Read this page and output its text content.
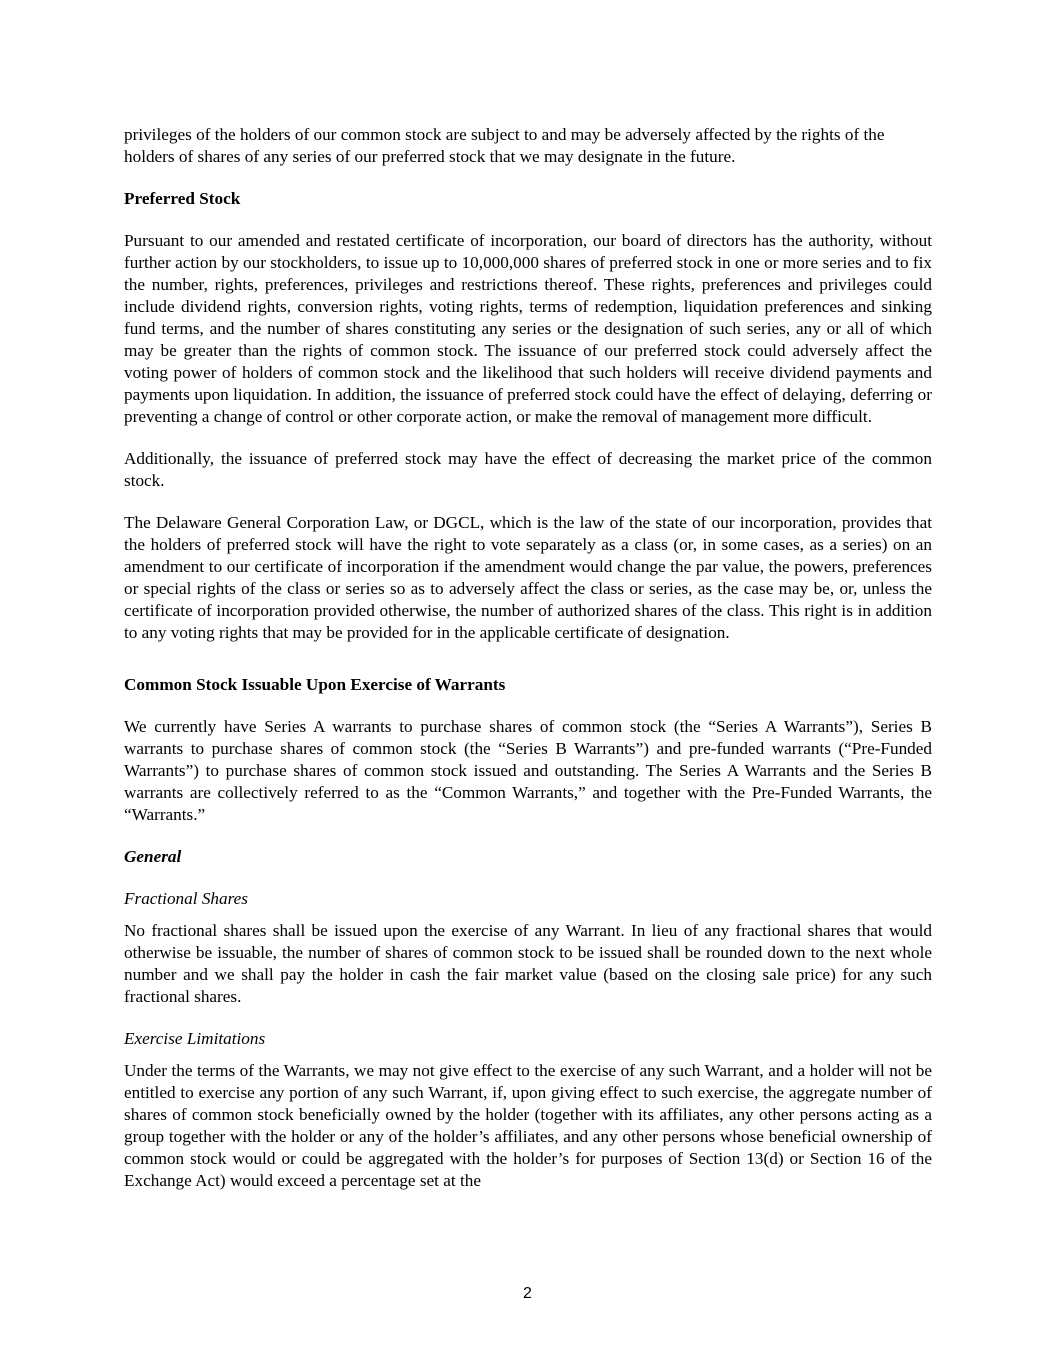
privileges of the holders of our common stock are subject to and may be adversely affected by the rights of the holders of shares of any series of our preferred stock that we may designate in the future.

Preferred Stock

Pursuant to our amended and restated certificate of incorporation, our board of directors has the authority, without further action by our stockholders, to issue up to 10,000,000 shares of preferred stock in one or more series and to fix the number, rights, preferences, privileges and restrictions thereof. These rights, preferences and privileges could include dividend rights, conversion rights, voting rights, terms of redemption, liquidation preferences and sinking fund terms, and the number of shares constituting any series or the designation of such series, any or all of which may be greater than the rights of common stock. The issuance of our preferred stock could adversely affect the voting power of holders of common stock and the likelihood that such holders will receive dividend payments and payments upon liquidation. In addition, the issuance of preferred stock could have the effect of delaying, deferring or preventing a change of control or other corporate action, or make the removal of management more difficult.

Additionally, the issuance of preferred stock may have the effect of decreasing the market price of the common stock.

The Delaware General Corporation Law, or DGCL, which is the law of the state of our incorporation, provides that the holders of preferred stock will have the right to vote separately as a class (or, in some cases, as a series) on an amendment to our certificate of incorporation if the amendment would change the par value, the powers, preferences or special rights of the class or series so as to adversely affect the class or series, as the case may be, or, unless the certificate of incorporation provided otherwise, the number of authorized shares of the class. This right is in addition to any voting rights that may be provided for in the applicable certificate of designation.

Common Stock Issuable Upon Exercise of Warrants

We currently have Series A warrants to purchase shares of common stock (the “Series A Warrants”), Series B warrants to purchase shares of common stock (the “Series B Warrants”) and pre-funded warrants (“Pre-Funded Warrants”) to purchase shares of common stock issued and outstanding. The Series A Warrants and the Series B warrants are collectively referred to as the “Common Warrants,” and together with the Pre-Funded Warrants, the “Warrants.”

General
Fractional Shares

No fractional shares shall be issued upon the exercise of any Warrant. In lieu of any fractional shares that would otherwise be issuable, the number of shares of common stock to be issued shall be rounded down to the next whole number and we shall pay the holder in cash the fair market value (based on the closing sale price) for any such fractional shares.

Exercise Limitations

Under the terms of the Warrants, we may not give effect to the exercise of any such Warrant, and a holder will not be entitled to exercise any portion of any such Warrant, if, upon giving effect to such exercise, the aggregate number of shares of common stock beneficially owned by the holder (together with its affiliates, any other persons acting as a group together with the holder or any of the holder’s affiliates, and any other persons whose beneficial ownership of common stock would or could be aggregated with the holder’s for purposes of Section 13(d) or Section 16 of the Exchange Act) would exceed a percentage set at the

2
